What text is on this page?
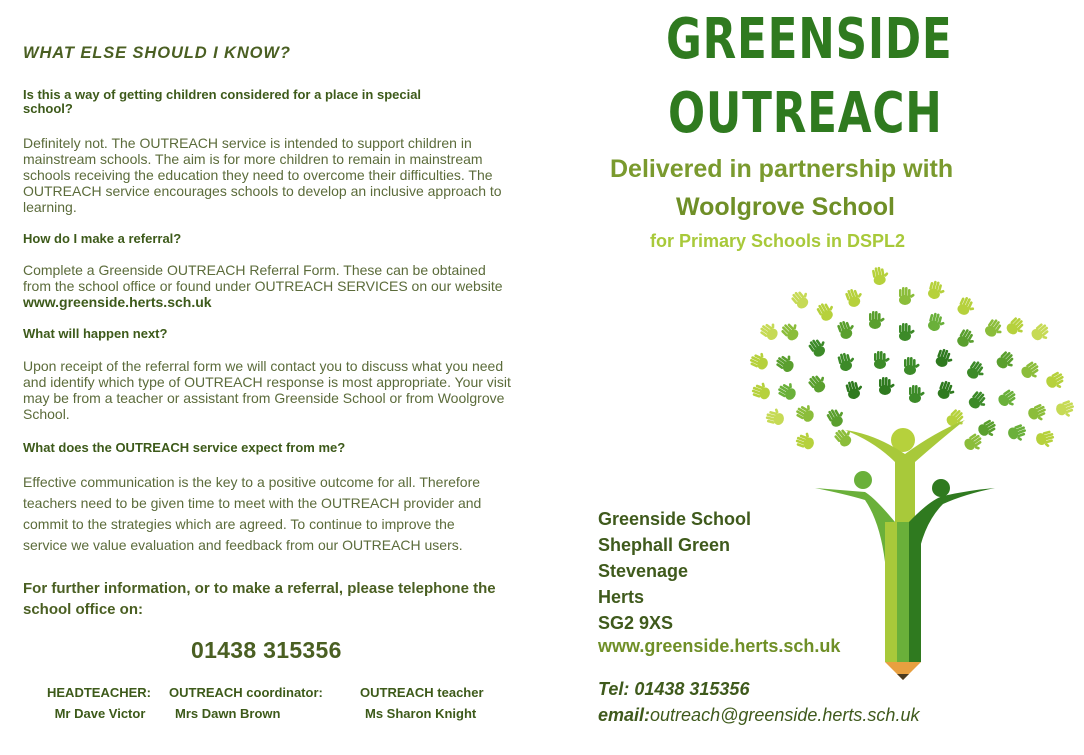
WHAT ELSE SHOULD I KNOW?
Is this a way of getting children considered for a place in special school?
Definitely not. The OUTREACH service is intended to support children in mainstream schools. The aim is for more children to remain in mainstream schools receiving the education they need to overcome their difficulties. The OUTREACH service encourages schools to develop an inclusive approach to learning.
How do I make a referral?
Complete a Greenside OUTREACH Referral Form. These can be obtained from the school office or found under OUTREACH SERVICES on our website www.greenside.herts.sch.uk
What will happen next?
Upon receipt of the referral form we will contact you to discuss what you need and identify which type of OUTREACH response is most appropriate. Your visit may be from a teacher or assistant from Greenside School or from Woolgrove School.
What does the OUTREACH service expect from me?
Effective communication is the key to a positive outcome for all. Therefore teachers need to be given time to meet with the OUTREACH provider and commit to the strategies which are agreed. To continue to improve the service we value evaluation and feedback from our OUTREACH users.
For further information, or to make a referral, please telephone the school office on:
01438 315356
HEADTEACHER:
Mr Dave Victor
OUTREACH coordinator:
Mrs Dawn Brown
OUTREACH teacher
Ms Sharon Knight
GREENSIDE
OUTREACH
Delivered in partnership with
Woolgrove School
for Primary Schools in DSPL2
Greenside School
Shephall Green
Stevenage
Herts
SG2 9XS
www.greenside.herts.sch.uk
Tel: 01438 315356
email:outreach@greenside.herts.sch.uk
